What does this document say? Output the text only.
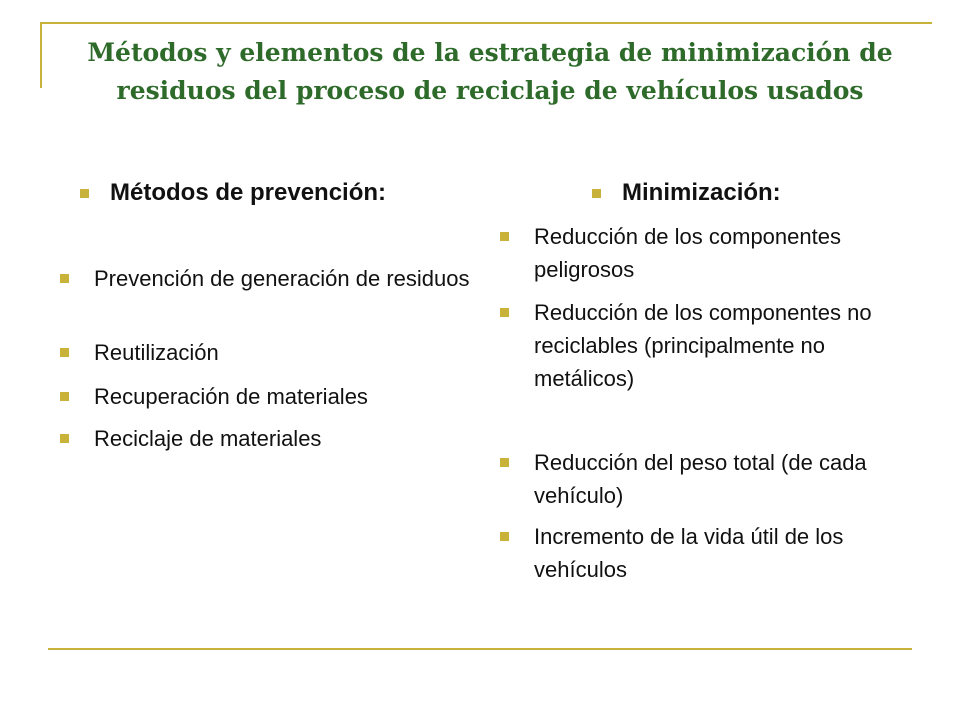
Métodos y elementos de la estrategia de minimización de
residuos del proceso de reciclaje de vehículos usados
Métodos de prevención:
Prevención de generación de residuos
Reutilización
Recuperación de materiales
Reciclaje de materiales
Minimización:
Reducción de los componentes peligrosos
Reducción de los componentes no reciclables (principalmente no metálicos)
Reducción del peso total (de cada vehículo)
Incremento de la vida útil de los vehículos
